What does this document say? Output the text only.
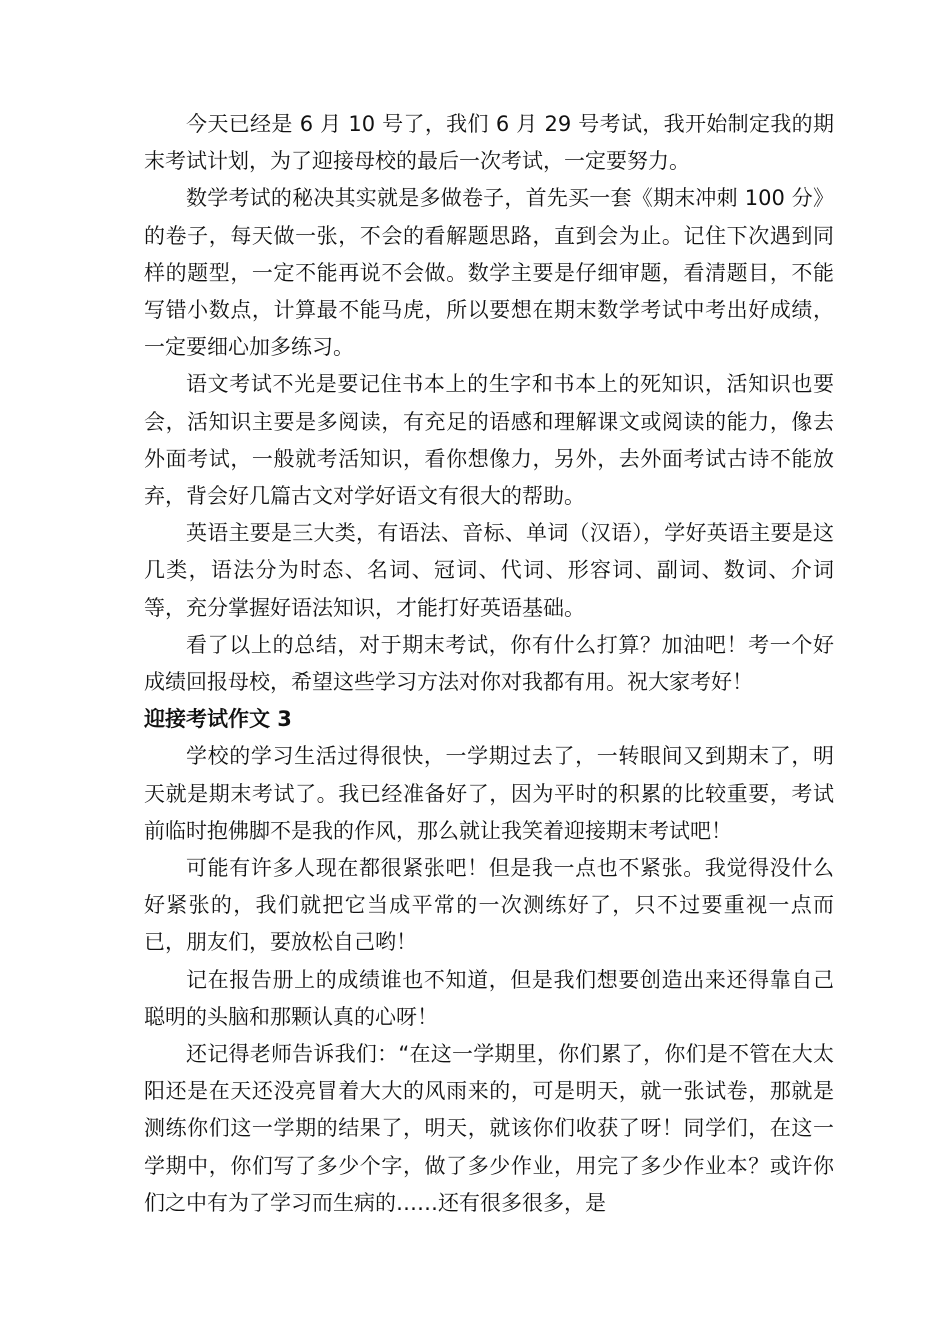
今天已经是 6 月 10 号了，我们 6 月 29 号考试，我开始制定我的期末考试计划，为了迎接母校的最后一次考试，一定要努力。

数学考试的秘决其实就是多做卷子，首先买一套《期末冲刺 100 分》的卷子，每天做一张，不会的看解题思路，直到会为止。记住下次遇到同样的题型，一定不能再说不会做。数学主要是仔细审题，看清题目，不能写错小数点，计算最不能马虎，所以要想在期末数学考试中考出好成绩，一定要细心加多练习。

语文考试不光是要记住书本上的生字和书本上的死知识，活知识也要会，活知识主要是多阅读，有充足的语感和理解课文或阅读的能力，像去外面考试，一般就考活知识，看你想像力，另外，去外面考试古诗不能放弃，背会好几篇古文对学好语文有很大的帮助。

英语主要是三大类，有语法、音标、单词（汉语），学好英语主要是这几类，语法分为时态、名词、冠词、代词、形容词、副词、数词、介词等，充分掌握好语法知识，才能打好英语基础。

看了以上的总结，对于期末考试，你有什么打算？加油吧！考一个好成绩回报母校，希望这些学习方法对你对我都有用。祝大家考好！

迎接考试作文 3

学校的学习生活过得很快，一学期过去了，一转眼间又到期末了，明天就是期末考试了。我已经准备好了，因为平时的积累的比较重要，考试前临时抱佛脚不是我的作风，那么就让我笑着迎接期末考试吧！

可能有许多人现在都很紧张吧！但是我一点也不紧张。我觉得没什么好紧张的，我们就把它当成平常的一次测练好了，只不过要重视一点而已，朋友们，要放松自己哟！

记在报告册上的成绩谁也不知道，但是我们想要创造出来还得靠自己聪明的头脑和那颗认真的心呀！

还记得老师告诉我们：“在这一学期里，你们累了，你们是不管在大太阳还是在天还没亮冒着大大的风雨来的，可是明天，就一张试卷，那就是测练你们这一学期的结果了，明天，就该你们收获了呀！同学们，在这一学期中，你们写了多少个字，做了多少作业，用完了多少作业本？或许你们之中有为了学习而生病的……还有很多很多，是
